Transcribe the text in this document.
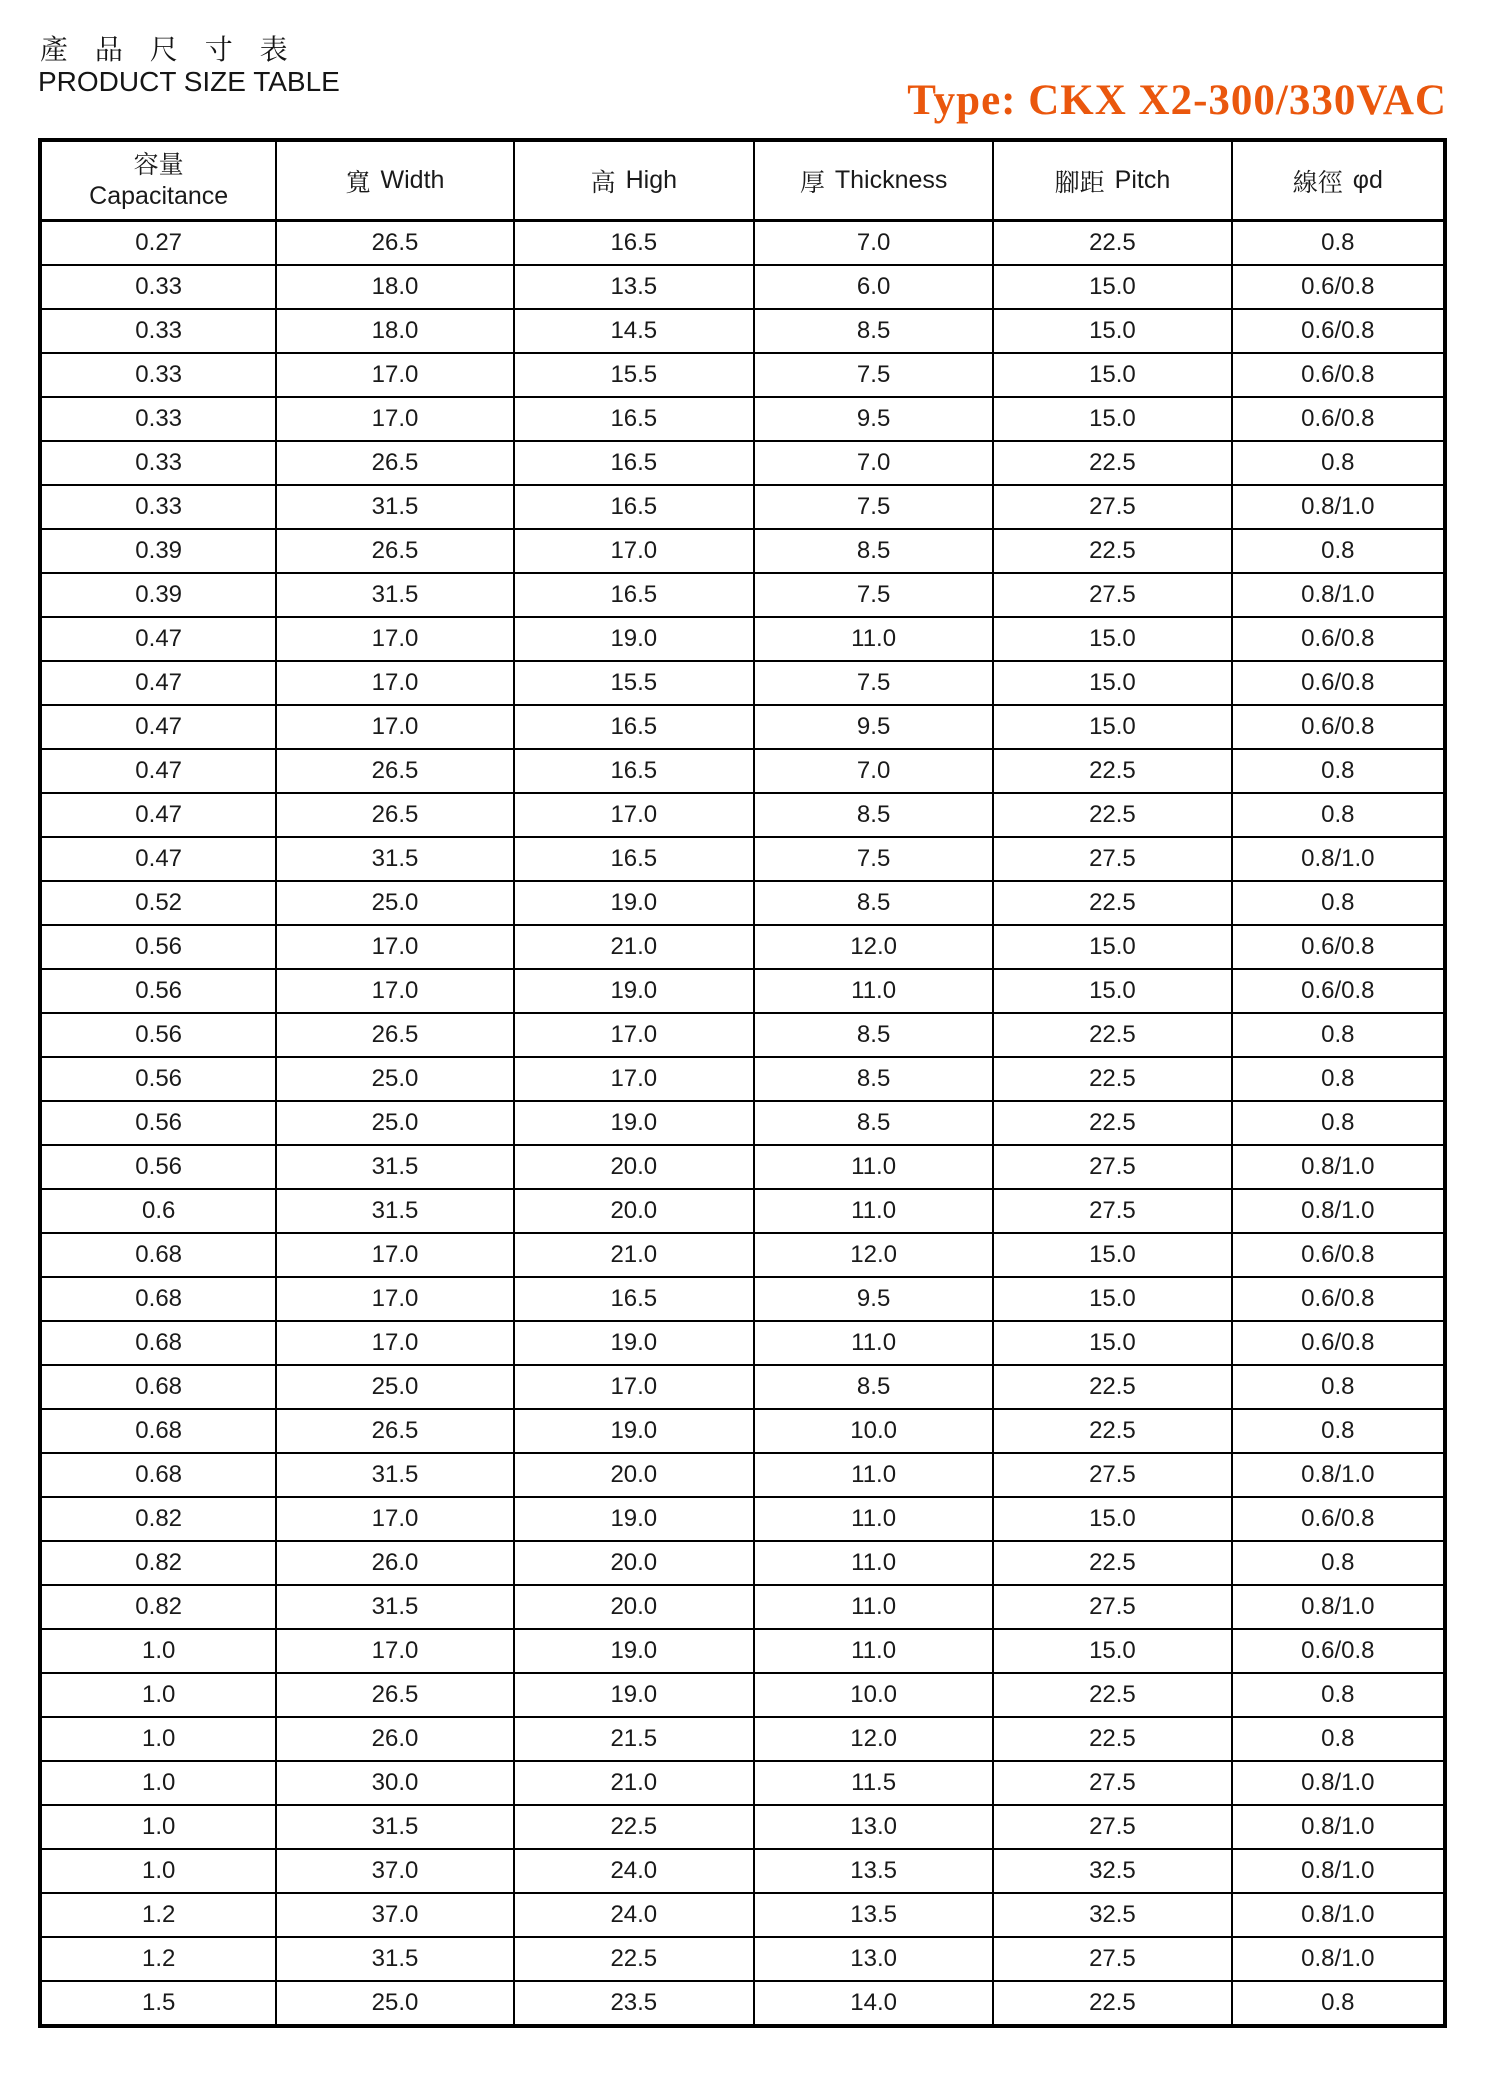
產 品 尺 寸 表
PRODUCT SIZE TABLE	Type: CKX X2-300/330VAC
容量
Capacitance	寬 Width	高 High	厚 Thickness	腳距 Pitch	線徑 φd
0.27	26.5	16.5	7.0	22.5	0.8
0.33	18.0	13.5	6.0	15.0	0.6/0.8
0.33	18.0	14.5	8.5	15.0	0.6/0.8
0.33	17.0	15.5	7.5	15.0	0.6/0.8
0.33	17.0	16.5	9.5	15.0	0.6/0.8
0.33	26.5	16.5	7.0	22.5	0.8
0.33	31.5	16.5	7.5	27.5	0.8/1.0
0.39	26.5	17.0	8.5	22.5	0.8
0.39	31.5	16.5	7.5	27.5	0.8/1.0
0.47	17.0	19.0	11.0	15.0	0.6/0.8
0.47	17.0	15.5	7.5	15.0	0.6/0.8
0.47	17.0	16.5	9.5	15.0	0.6/0.8
0.47	26.5	16.5	7.0	22.5	0.8
0.47	26.5	17.0	8.5	22.5	0.8
0.47	31.5	16.5	7.5	27.5	0.8/1.0
0.52	25.0	19.0	8.5	22.5	0.8
0.56	17.0	21.0	12.0	15.0	0.6/0.8
0.56	17.0	19.0	11.0	15.0	0.6/0.8
0.56	26.5	17.0	8.5	22.5	0.8
0.56	25.0	17.0	8.5	22.5	0.8
0.56	25.0	19.0	8.5	22.5	0.8
0.56	31.5	20.0	11.0	27.5	0.8/1.0
0.6	31.5	20.0	11.0	27.5	0.8/1.0
0.68	17.0	21.0	12.0	15.0	0.6/0.8
0.68	17.0	16.5	9.5	15.0	0.6/0.8
0.68	17.0	19.0	11.0	15.0	0.6/0.8
0.68	25.0	17.0	8.5	22.5	0.8
0.68	26.5	19.0	10.0	22.5	0.8
0.68	31.5	20.0	11.0	27.5	0.8/1.0
0.82	17.0	19.0	11.0	15.0	0.6/0.8
0.82	26.0	20.0	11.0	22.5	0.8
0.82	31.5	20.0	11.0	27.5	0.8/1.0
1.0	17.0	19.0	11.0	15.0	0.6/0.8
1.0	26.5	19.0	10.0	22.5	0.8
1.0	26.0	21.5	12.0	22.5	0.8
1.0	30.0	21.0	11.5	27.5	0.8/1.0
1.0	31.5	22.5	13.0	27.5	0.8/1.0
1.0	37.0	24.0	13.5	32.5	0.8/1.0
1.2	37.0	24.0	13.5	32.5	0.8/1.0
1.2	31.5	22.5	13.0	27.5	0.8/1.0
1.5	25.0	23.5	14.0	22.5	0.8
